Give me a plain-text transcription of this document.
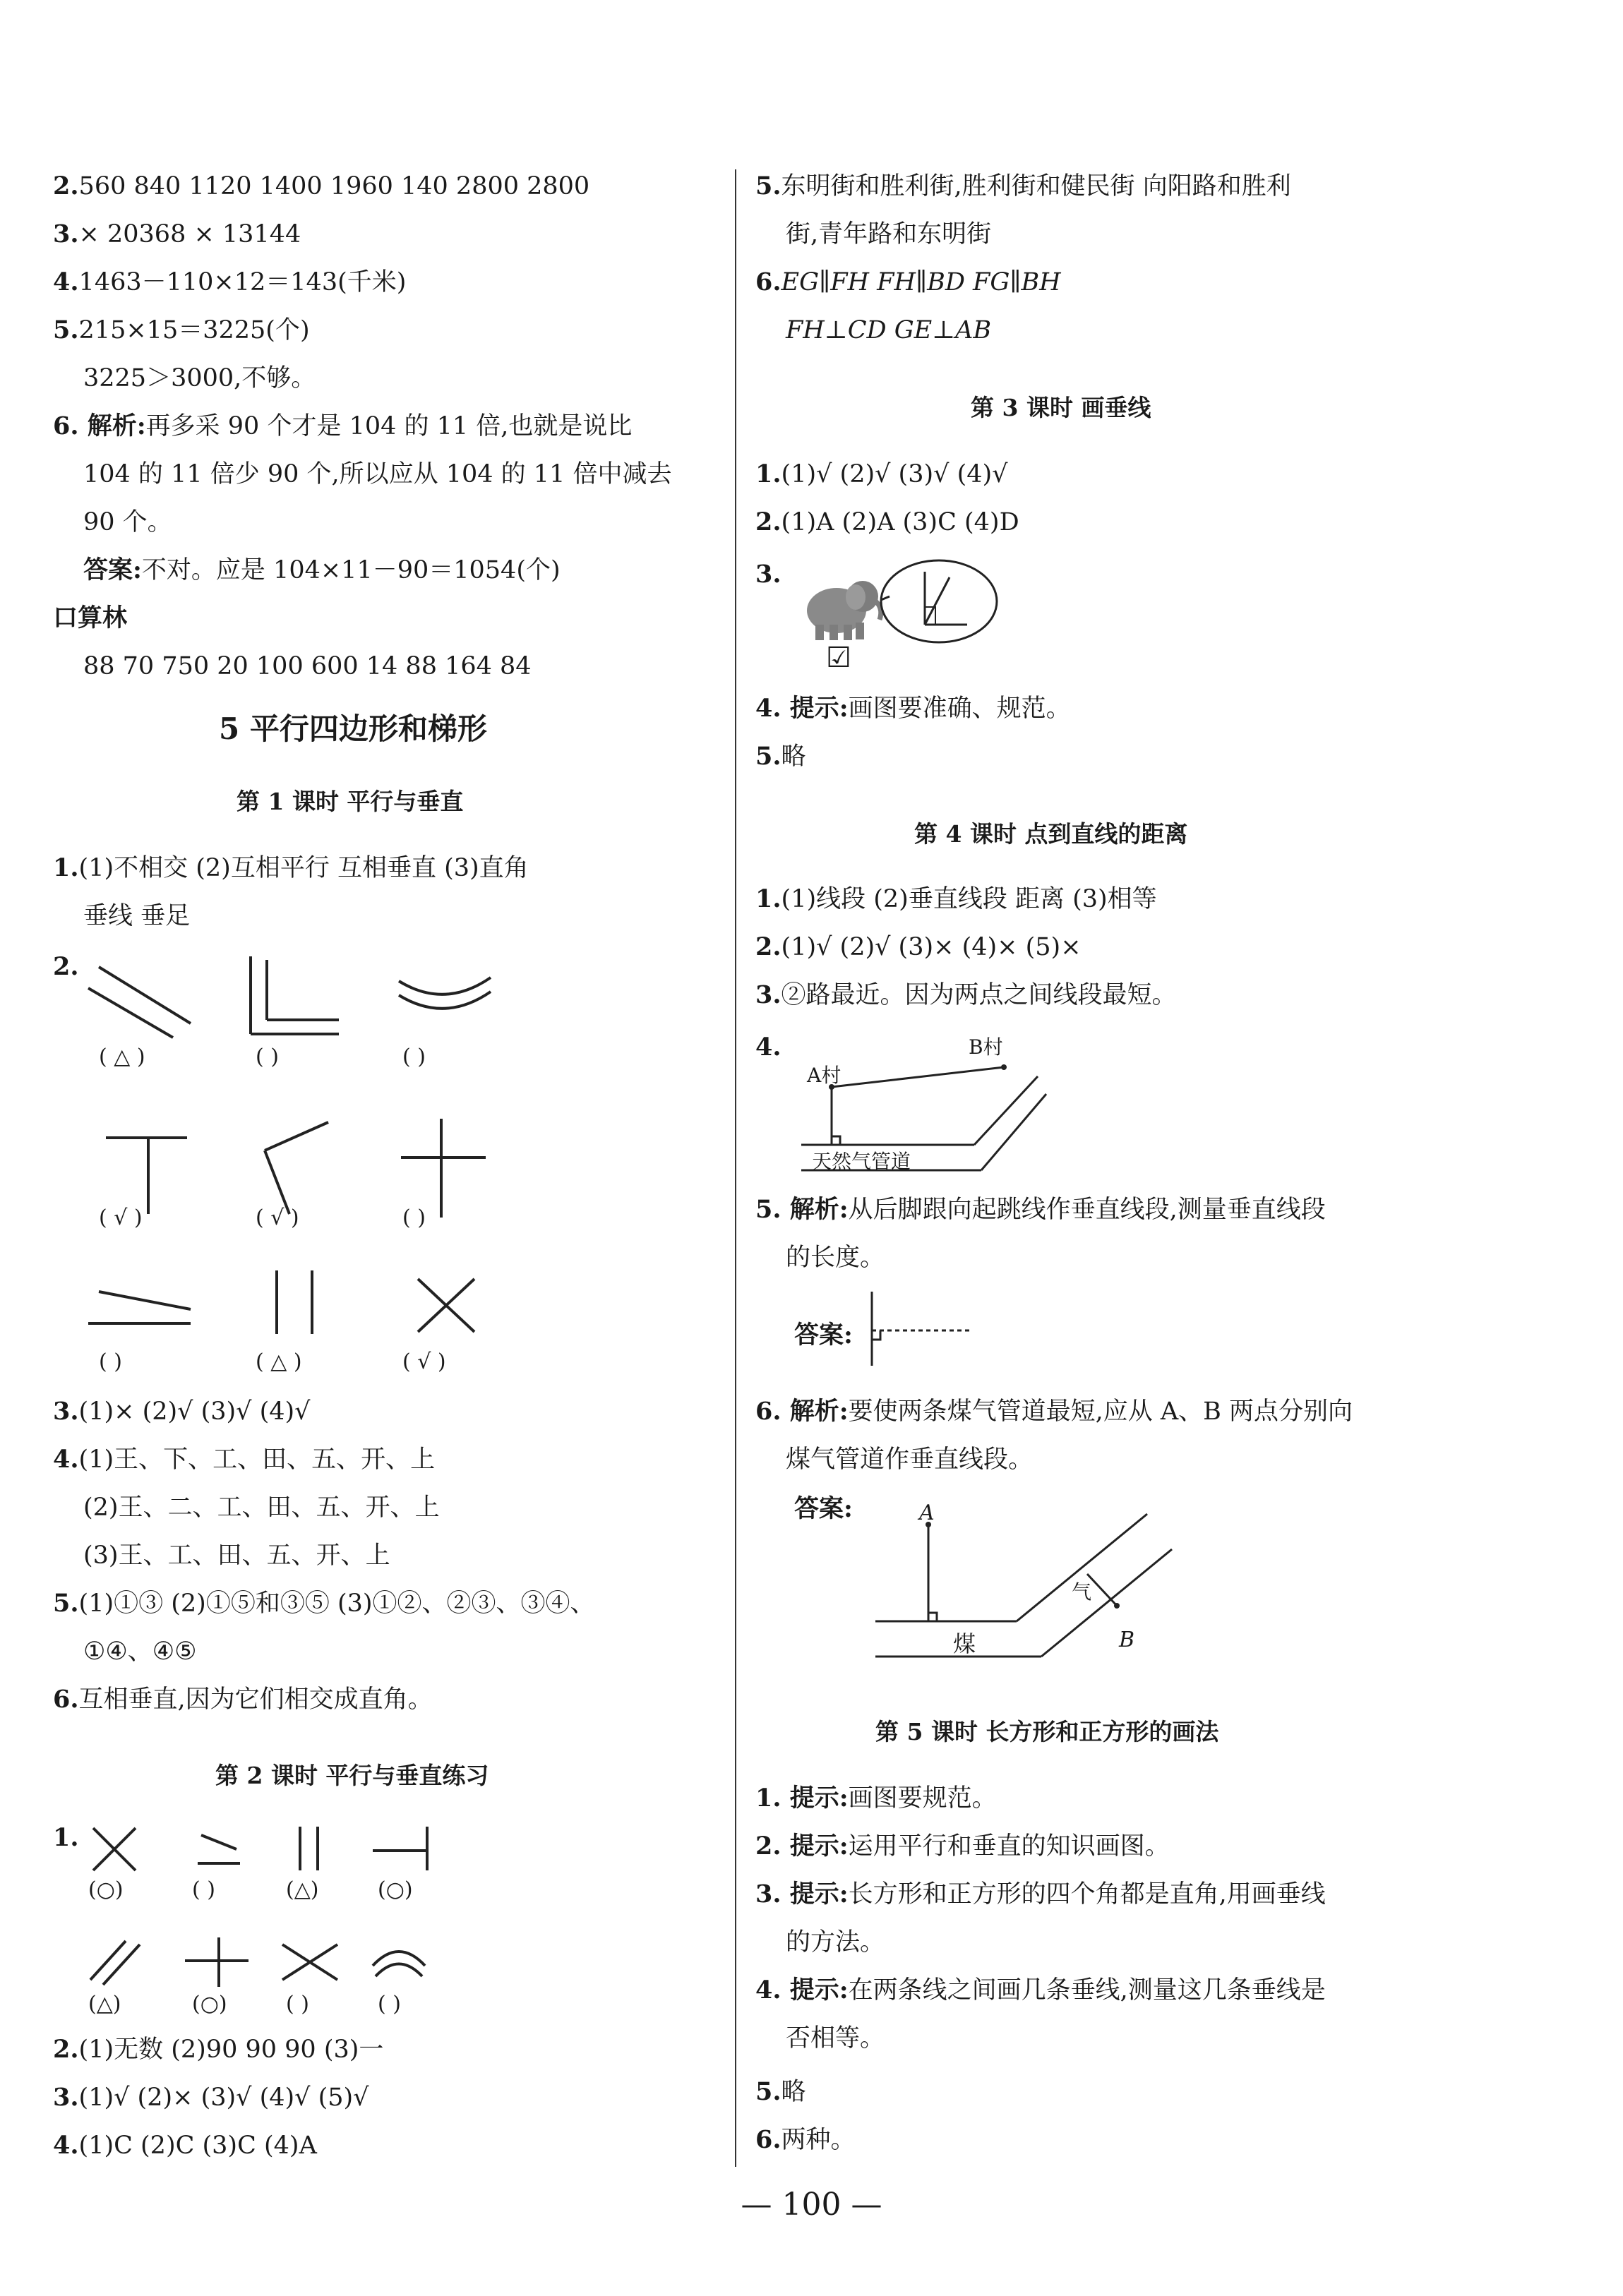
2.560 840 1120 1400 1960 140 2800 2800
3.× 20368 × 13144
4.1463－110×12＝143(千米)
5.215×15＝3225(个)
3225＞3000,不够。
6. 解析:再多采 90 个才是 104 的 11 倍,也就是说比
104 的 11 倍少 90 个,所以应从 104 的 11 倍中减去
90 个。
答案:不对。应是 104×11－90＝1054(个)
口算林
88 70 750 20 100 600 14 88 164 84
5 平行四边形和梯形
第 1 课时 平行与垂直
1.(1)不相交 (2)互相平行 互相垂直 (3)直角
垂线 垂足
2.
( △ )	( )	( )
( √ )	( √ )	( )
( )	( △ )	( √ )
3.(1)× (2)√ (3)√ (4)√
4.(1)王、下、工、田、五、开、上
(2)王、二、工、田、五、开、上
(3)王、工、田、五、开、上
5.(1)①③ (2)①⑤和③⑤ (3)①②、②③、③④、
①④、④⑤
6.互相垂直,因为它们相交成直角。
第 2 课时 平行与垂直练习
1.
(○)	( )	(△)	(○)
(△)	(○)	( )	( )
2.(1)无数 (2)90 90 90 (3)一
3.(1)√ (2)× (3)√ (4)√ (5)√
4.(1)C (2)C (3)C (4)A
5.东明街和胜利街,胜利街和健民街 向阳路和胜利
街,青年路和东明街
6.EG∥FH FH∥BD FG∥BH
FH⊥CD GE⊥AB
第 3 课时 画垂线
1.(1)√ (2)√ (3)√ (4)√
2.(1)A (2)A (3)C (4)D
3.
☑
4. 提示:画图要准确、规范。
5.略
第 4 课时 点到直线的距离
1.(1)线段 (2)垂直线段 距离 (3)相等
2.(1)√ (2)√ (3)× (4)× (5)×
3.②路最近。因为两点之间线段最短。
4.
A村
B村
天然气管道
5. 解析:从后脚跟向起跳线作垂直线段,测量垂直线段
的长度。
答案:
6. 解析:要使两条煤气管道最短,应从 A、B 两点分别向
煤气管道作垂直线段。
答案:	A
B
煤
气
第 5 课时 长方形和正方形的画法
1. 提示:画图要规范。
2. 提示:运用平行和垂直的知识画图。
3. 提示:长方形和正方形的四个角都是直角,用画垂线
的方法。
4. 提示:在两条线之间画几条垂线,测量这几条垂线是
否相等。
5.略
6.两种。
— 100 —
